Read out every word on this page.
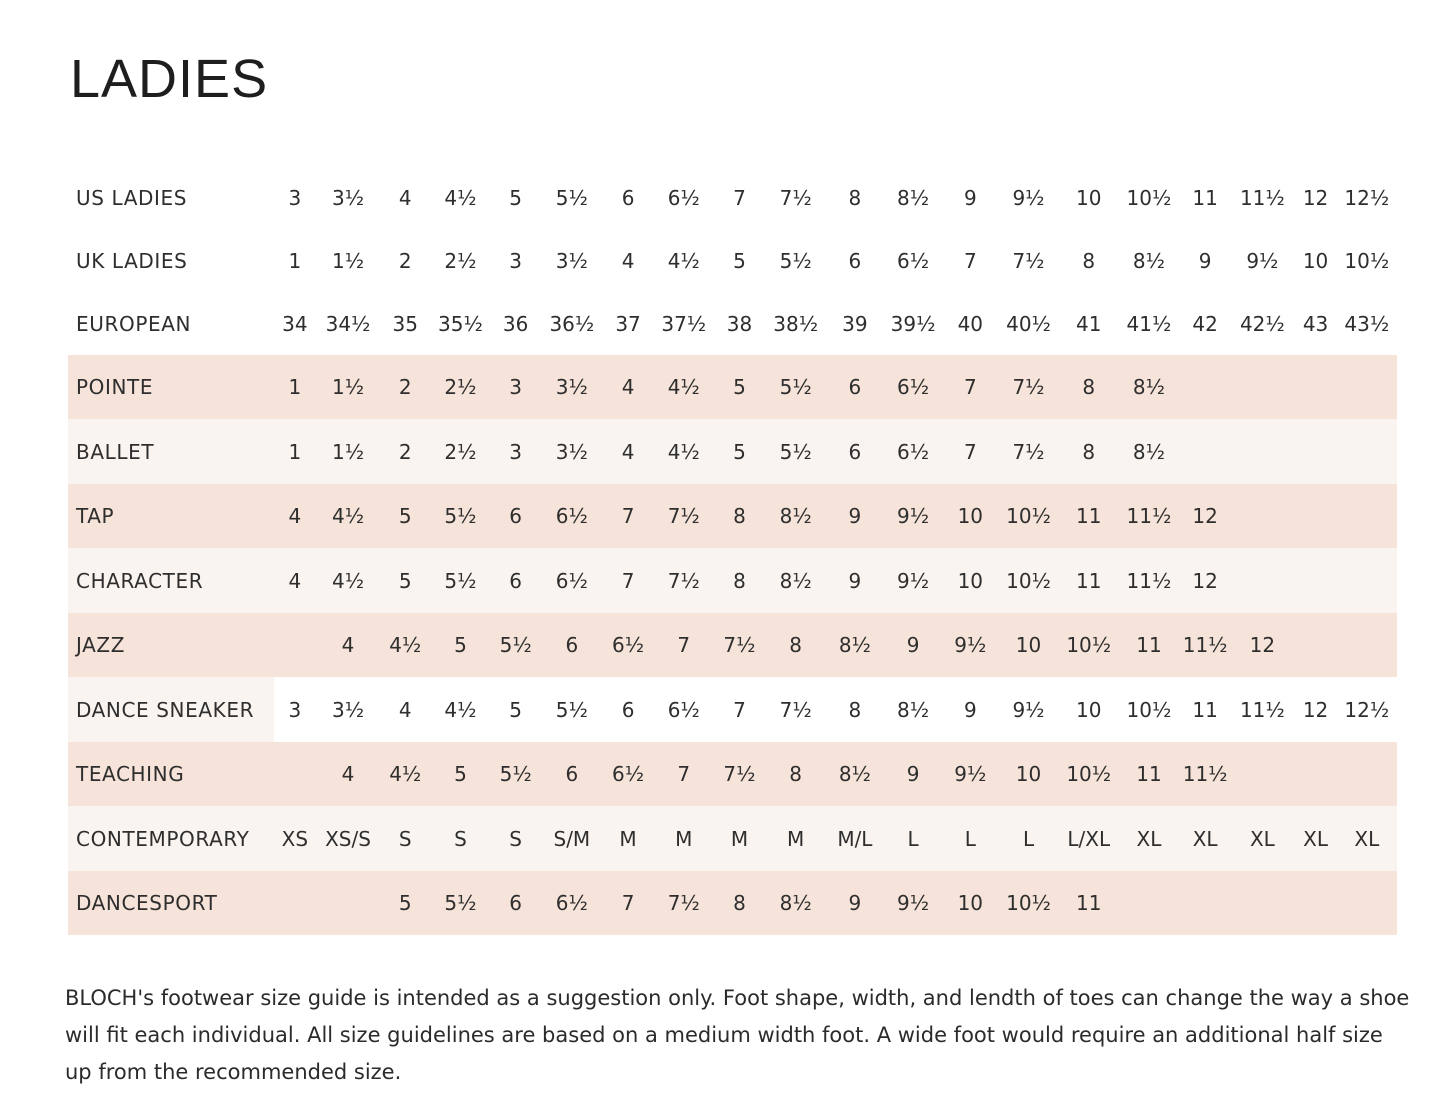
LADIES
US LADIES	3	3½	4	4½	5	5½	6	6½	7	7½	8	8½	9	9½	10	10½	11	11½	12	12½
UK LADIES	1	1½	2	2½	3	3½	4	4½	5	5½	6	6½	7	7½	8	8½	9	9½	10	10½
EUROPEAN	34	34½	35	35½	36	36½	37	37½	38	38½	39	39½	40	40½	41	41½	42	42½	43	43½
POINTE	1	1½	2	2½	3	3½	4	4½	5	5½	6	6½	7	7½	8	8½				
BALLET	1	1½	2	2½	3	3½	4	4½	5	5½	6	6½	7	7½	8	8½				
TAP	4	4½	5	5½	6	6½	7	7½	8	8½	9	9½	10	10½	11	11½	12			
CHARACTER	4	4½	5	5½	6	6½	7	7½	8	8½	9	9½	10	10½	11	11½	12			
JAZZ		4	4½	5	5½	6	6½	7	7½	8	8½	9	9½	10	10½	11	11½	12		
DANCE SNEAKER	3	3½	4	4½	5	5½	6	6½	7	7½	8	8½	9	9½	10	10½	11	11½	12	12½
TEACHING		4	4½	5	5½	6	6½	7	7½	8	8½	9	9½	10	10½	11	11½			
CONTEMPORARY	XS	XS/S	S	S	S	S/M	M	M	M	M	M/L	L	L	L	L/XL	XL	XL	XL	XL	XL
DANCESPORT			5	5½	6	6½	7	7½	8	8½	9	9½	10	10½	11					

BLOCH's footwear size guide is intended as a suggestion only. Foot shape, width, and lendth of toes can change the way a shoe will fit each individual. All size guidelines are based on a medium width foot. A wide foot would require an additional half size up from the recommended size.
